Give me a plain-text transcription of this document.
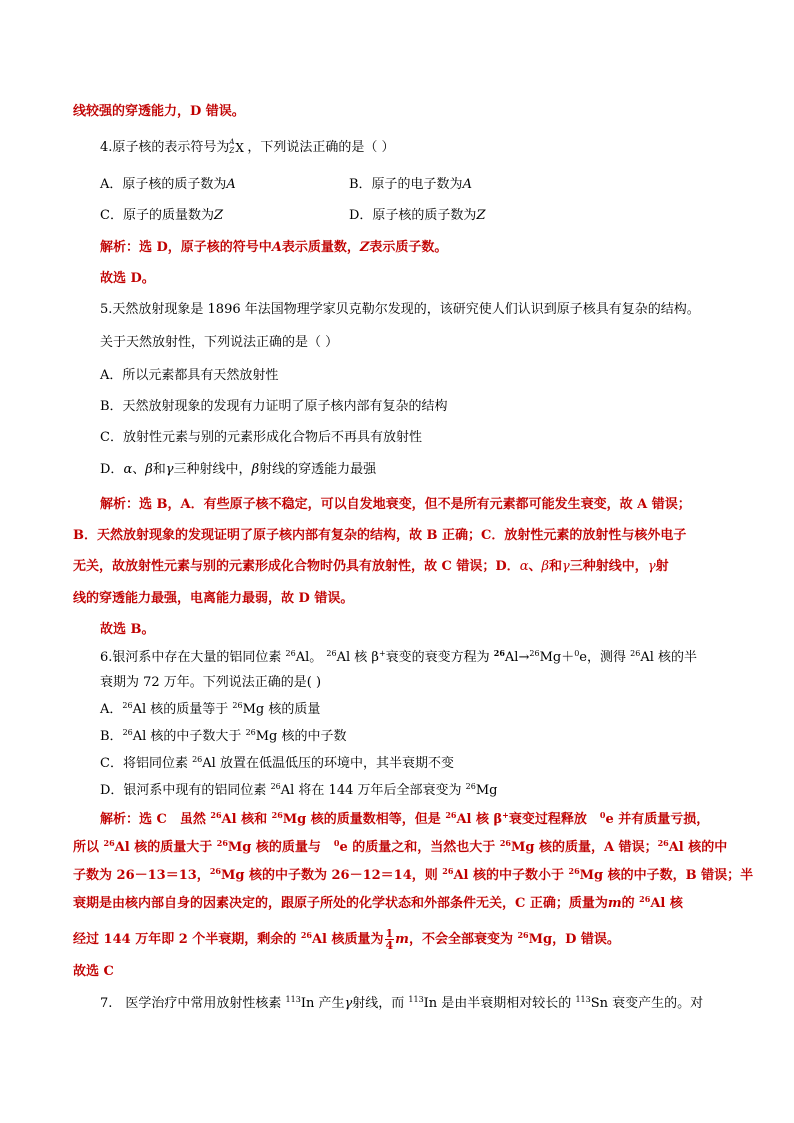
线较强的穿透能力，D 错误。
4.原子核的表示符号为 A
Z X ，下列说法正确的是（ ）
A．原子核的质子数为A	B．原子的电子数为A
C．原子的质量数为Z	D．原子核的质子数为Z
解析：选 D，原子核的符号中A表示质量数，Z表示质子数。
故选 D。
5.天然放射现象是 1896 年法国物理学家贝克勒尔发现的，该研究使人们认识到原子核具有复杂的结构。
关于天然放射性，下列说法正确的是（ ）
A．所以元素都具有天然放射性
B．天然放射现象的发现有力证明了原子核内部有复杂的结构
C．放射性元素与别的元素形成化合物后不再具有放射性
D．α、β和γ三种射线中，β射线的穿透能力最强
解析：选 B，A．有些原子核不稳定，可以自发地衰变，但不是所有元素都可能发生衰变，故 A 错误；
B．天然放射现象的发现证明了原子核内部有复杂的结构，故 B 正确；C．放射性元素的放射性与核外电子
无关，故放射性元素与别的元素形成化合物时仍具有放射性，故 C 错误；D．α、β和γ三种射线中，γ射
线的穿透能力最强，电离能力最弱，故 D 错误。
故选 B。
6.银河系中存在大量的铝同位素 $^{26}$Al。 $^{26}$Al 核 β+衰变的衰变方程为 $^{26}$Al→$^{26}$Mg＋$^0$e，测得 $^{26}$Al 核的半
衰期为 72 万年。下列说法正确的是( )
A．$^{26}$Al 核的质量等于 $^{26}$Mg 核的质量
B．$^{26}$Al 核的中子数大于 $^{26}$Mg 核的中子数
C．将铝同位素 $^{26}$Al 放置在低温低压的环境中，其半衰期不变
D．银河系中现有的铝同位素 $^{26}$Al 将在 144 万年后全部衰变为 $^{26}$Mg
解析：选 C　虽然 $^{26}$Al 核和 $^{26}$Mg 核的质量数相等，但是 $^{26}$Al 核 β+衰变过程释放　$^0$e 并有质量亏损，
所以 $^{26}$Al 核的质量大于 $^{26}$Mg 核的质量与　$^0$e 的质量之和，当然也大于 $^{26}$Mg 核的质量，A 错误；$^{26}$Al 核的中
子数为 26－13＝13，$^{26}$Mg 核的中子数为 26－12＝14，则 $^{26}$Al 核的中子数小于 $^{26}$Mg 核的中子数，B 错误；半
衰期是由核内部自身的因素决定的，跟原子所处的化学状态和外部条件无关，C 正确；质量为m的 $^{26}$Al 核
经过 144 万年即 2 个半衰期，剩余的 $^{26}$Al 核质量为 $\frac{1}{4}$ m，不会全部衰变为 $^{26}$Mg，D 错误。
故选 C
7.　医学治疗中常用放射性核素 $^{113}$In 产生γ射线，而 $^{113}$In 是由半衰期相对较长的 $^{113}$Sn 衰变产生的。对
